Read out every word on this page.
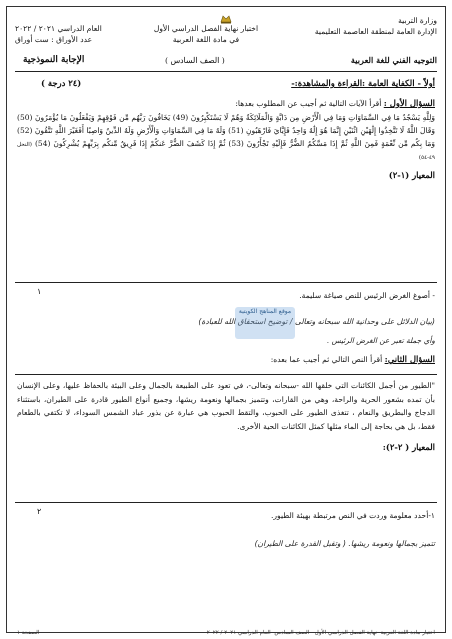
وزارة التربية
الإدارة العامة لمنطقة العاصمة التعليمية
اختبار نهاية الفصل الدراسي الأول
في مادة اللغة العربية
العام الدراسي ٢٠٢١ / ٢٠٢٢
عدد الأوراق : ست أوراق
التوجيه الفني للغة العربية
( الصف السادس )
الإجابة النموذجية
أولاً - الكفاية العامة :القراءة والمشاهدة:-
(٢٤ درجة )
السؤال الأول : أقرأ الآيات التالية ثم أجيب عن المطلوب بعدها:
وَلِلَّهِ يَسْجُدُ مَا فِي السَّمَاوَاتِ وَمَا فِي الْأَرْضِ مِن دَابَّةٍ وَالْمَلَائِكَةُ وَهُمْ لَا يَسْتَكْبِرُونَ (49) يَخَافُونَ رَبَّهُم مِّن فَوْقِهِمْ وَيَفْعَلُونَ مَا يُؤْمَرُونَ (50) وَقَالَ اللَّهُ لَا تَتَّخِذُوا إِلَٰهَيْنِ اثْنَيْنِ إِنَّمَا هُوَ إِلَٰهٌ وَاحِدٌ فَإِيَّايَ فَارْهَبُونِ (51) وَلَهُ مَا فِي السَّمَاوَاتِ وَالْأَرْضِ وَلَهُ الدِّينُ وَاصِبًا أَفَغَيْرَ اللَّهِ تَتَّقُونَ (52) وَمَا بِكُم مِّن نِّعْمَةٍ فَمِنَ اللَّهِ ثُمَّ إِذَا مَسَّكُمُ الضُّرُّ فَإِلَيْهِ تَجْأَرُونَ (53) ثُمَّ إِذَا كَشَفَ الضُّرَّ عَنكُمْ إِذَا فَرِيقٌ مِّنكُم بِرَبِّهِمْ يُشْرِكُونَ (54) (النحل ٤٩-٥٤)
المعيار (١-٢)
- أصوغ الغرض الرئيس للنص صياغة سليمة.
(بيان الدلائل على وحدانية الله سبحانه وتعالى / توضيح استحقاق الله للعبادة)
وأي جملة تعبر عن الغرض الرئيس .
السؤال الثاني: أقرأ النص التالي ثم أجيب عما بعده:
١
موقع المناهج الكويتية
"الطيور من أجمل الكائنات التي خلقها الله -سبحانه وتعالى-، في تعود على الطبيعة بالجمال وعلى البيئة بالحفاظ عليها، وعلى الإنسان بأن تمده بشعور الحرية والراحة، وهي من القارات، وتتميز بجمالها ونعومة ريشها، وجميع أنواع الطيور قادرة على الطيران، باستثناء الدجاج والبطريق والنعام ، تتغذى الطيور على الحبوب، والتقط الحبوب هي عبارة عن بذور عباد الشمس السوداء، لا تكتفي بالطعام فقط، بل هي بحاجة إلى الماء مثلها كمثل الكائنات الحية الأخرى.
المعيار ( ٢-٢):
١-أحدد معلومة وردت في النص مرتبطة بهيئة الطيور.
تتميز بجمالها ونعومة ريشها. ( وتقبل القدرة على الطيران)
٢
اختبار مادة اللغة العربية- نهاية الفصل الدراسي الأول - الصف السادس- العام الدراسي ٢٠٢١ / ٢٠٢٢
الصفحة ١
